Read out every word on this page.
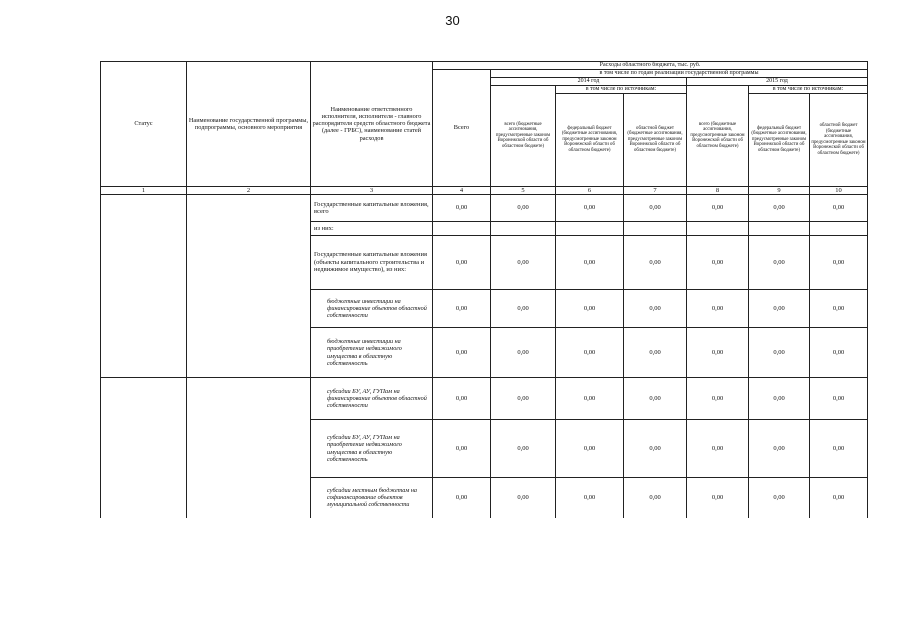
30
Статус	Наименование государственной программы, подпрограммы, основного мероприятия	Наименование ответственного исполнителя, исполнителя - главного распорядителя средств областного бюджета (далее - ГРБС), наименование статей расходов	Расходы областного бюджета, тыс. руб.						
			Всего	в том числе по годам реализации государственной программы					
				2014 год			2015 год		
				всего (бюджетные ассигнования, предусмотренные законом Воронежской области об областном бюджете)	в том числе по источникам:		всего (бюджетные ассигнования, предусмотренные законом Воронежской области об областном бюджете)	в том числе по источникам:	
					федеральный бюджет (бюджетные ассигнования, предусмотренные законом Воронежской области об областном бюджете)	областной бюджет (бюджетные ассигнования, предусмотренные законом Воронежской области об областном бюджете)		федеральный бюджет (бюджетные ассигнования, предусмотренные законом Воронежской области об областном бюджете)	областной бюджет (бюджетные ассигнования, предусмотренные законом Воронежской области об областном бюджете)
1	2	3	4	5	6	7	8	9	10
		Государственные капитальные вложения, всего	0,00	0,00	0,00	0,00	0,00	0,00	0,00
		из них:							
		Государственные капитальные вложения (объекты капитального строительства и недвижимое имущество), из них:	0,00	0,00	0,00	0,00	0,00	0,00	0,00
		бюджетные инвестиции на финансирование объектов областной собственности	0,00	0,00	0,00	0,00	0,00	0,00	0,00
		бюджетные инвестиции на приобретение недвижимого имущества в областную собственность	0,00	0,00	0,00	0,00	0,00	0,00	0,00
		субсидии БУ, АУ, ГУПам на финансирование объектов областной собственности	0,00	0,00	0,00	0,00	0,00	0,00	0,00
		субсидии БУ, АУ, ГУПам на приобретение недвижимого имущества в областную собственность	0,00	0,00	0,00	0,00	0,00	0,00	0,00
		субсидии местным бюджетам на софинансирование объектов муниципальной собственности	0,00	0,00	0,00	0,00	0,00	0,00	0,00
